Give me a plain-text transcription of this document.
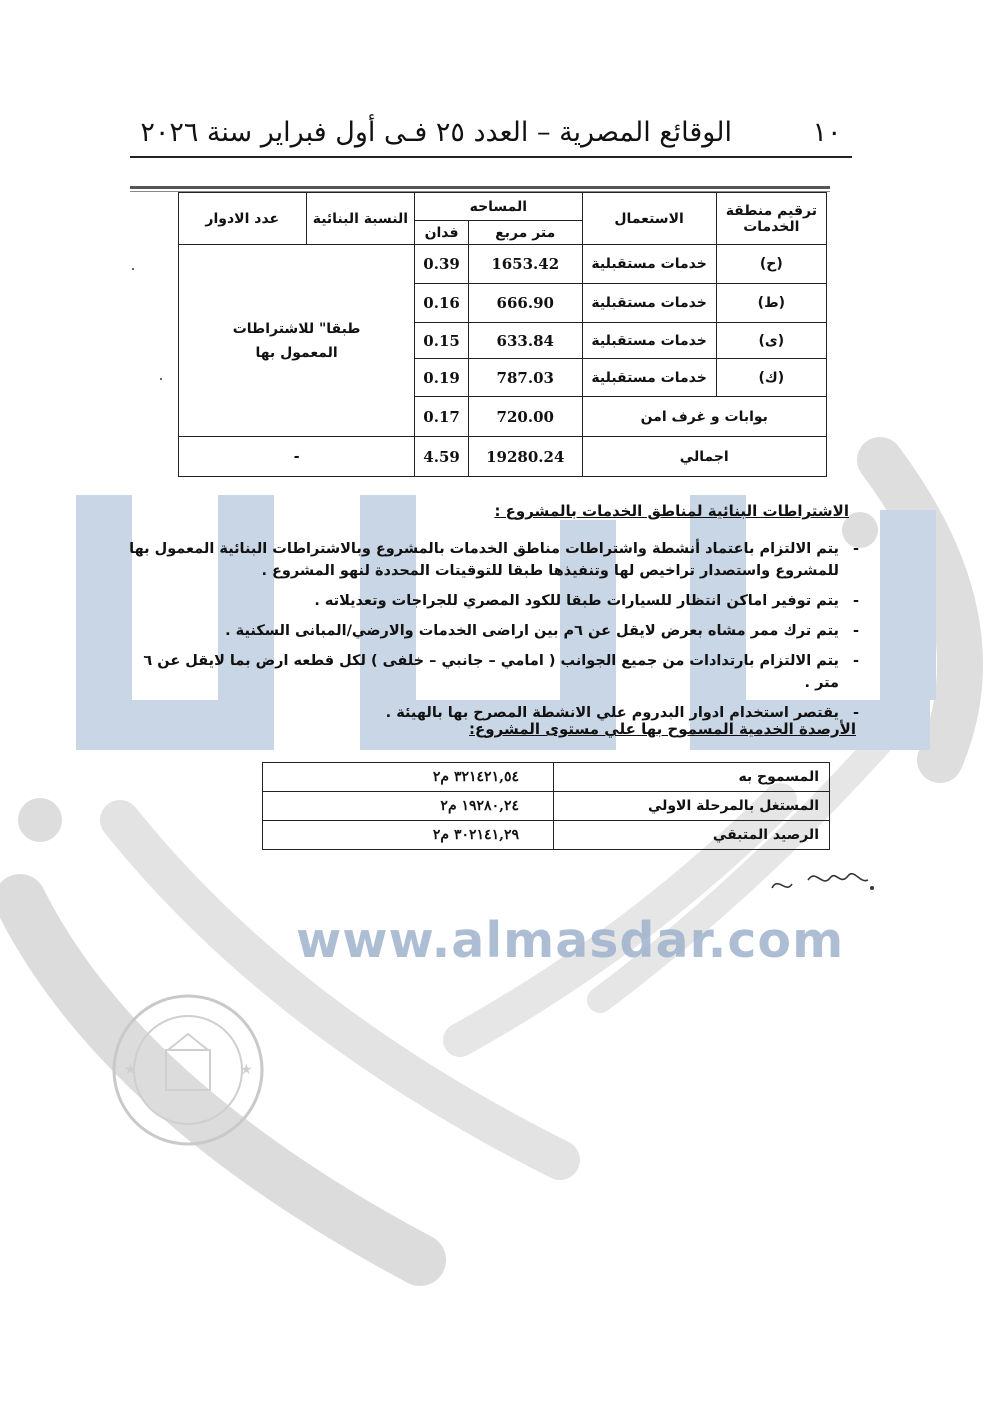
١٠
الوقائع المصرية – العدد ٢٥ فـى أول فبراير سنة ٢٠٢٦
ترقيم منطقة الخدمات	الاستعمال	المساحه		النسبة البنائية	عدد الادوار
		متر مربع	فدان		
(ح)	خدمات مستقبلية	1653.42	0.39	طبقا" للاشتراطات المعمول بها	

(ط)	خدمات مستقبلية	666.90	0.16		
(ى)	خدمات مستقبلية	633.84	0.15		
(ك)	خدمات مستقبلية	787.03	0.19		
بوابات و غرف امن		720.00	0.17		
اجمالي		19280.24	4.59	-	
الاشتراطات البنائية لمناطق الخدمات بالمشروع :
- يتم الالتزام باعتماد أنشطة واشتراطات مناطق الخدمات بالمشروع وبالاشتراطات البنائية المعمول بها للمشروع واستصدار تراخيص لها وتنفيذها طبقا للتوقيتات المحددة لنهو المشروع .
- يتم توفير اماكن انتظار للسيارات طبقا للكود المصري للجراجات وتعديلاته .
- يتم ترك ممر مشاه بعرض لايقل عن ٦م بين اراضى الخدمات والارضي/المبانى السكنية .
- يتم الالتزام بارتدادات من جميع الجوانب ( امامي – جانبي – خلفى ) لكل قطعه ارض بما لايقل عن ٦ متر .
- يقتصر استخدام ادوار البدروم علي الانشطة المصرح بها بالهيئة .
الأرصدة الخدمية المسموح بها علي مستوى المشروع:
المسموح به	٣٢١٤٢١,٥٤ م٢
المستغل بالمرحلة الاولي	١٩٢٨٠,٢٤ م٢
الرصيد المتبقي	٣٠٢١٤١,٢٩ م٢
www.almasdar.com
★	★
